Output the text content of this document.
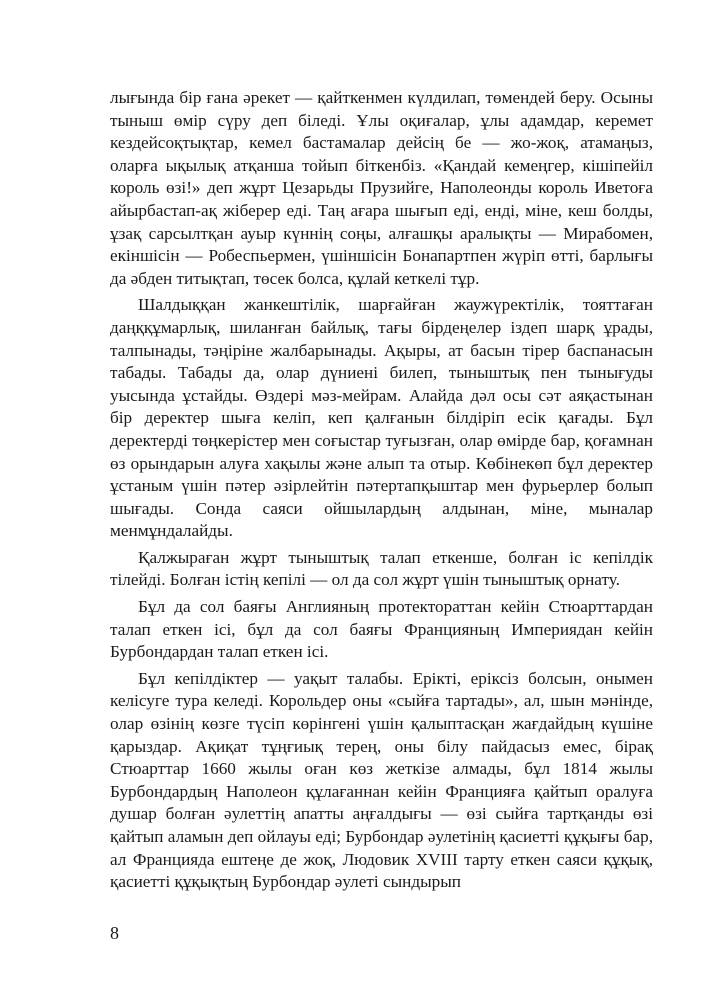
лығында бір ғана әрекет — қайткенмен күлдилап, төмендей беру. Осыны тыныш өмір сүру деп біледі. Ұлы оқиғалар, ұлы адамдар, керемет кездейсоқтықтар, кемел бастамалар дейсің бе — жо-жоқ, атамаңыз, оларға ықылық атқанша тойып біткенбіз. «Қандай кемеңгер, кішіпейіл король өзі!» деп жұрт Цезарьды Прузийге, Наполеонды король Иветоға айырбастап-ақ жіберер еді. Таң ағара шығып еді, енді, міне, кеш болды, ұзақ сарсылтқан ауыр күннің соңы, алғашқы аралықты — Мирабомен, екіншісін — Робеспьермен, үшіншісін Бонапартпен жүріп өтті, барлығы да әбден титықтап, төсек болса, құлай кеткелі тұр.

Шалдыққан жанкештілік, шарғайған жаужүректілік, тояттаған даңққұмарлық, шиланған байлық, тағы бірдеңелер іздеп шарқ ұрады, талпынады, тәңіріне жалбарынады. Ақыры, ат басын тірер баспанасын табады. Табады да, олар дүниені билеп, тыныштық пен тынығуды уысында ұстайды. Өздері мәз-мейрам. Алайда дәл осы сәт аяқастынан бір деректер шыға келіп, кеп қалғанын білдіріп есік қағады. Бұл деректерді төңкерістер мен соғыстар туғызған, олар өмірде бар, қоғамнан өз орындарын алуға хақылы және алып та отыр. Көбінекөп бұл деректер ұстаным үшін пәтер әзірлейтін пәтертапқыштар мен фурьерлер болып шығады. Сонда саяси ойшылардың алдынан, міне, мыналар менмұндалайды.

Қалжыраған жұрт тыныштық талап еткенше, болған іс кепілдік тілейді. Болған істің кепілі — ол да сол жұрт үшін тыныштық орнату.

Бұл да сол баяғы Англияның протектораттан кейін Стюарттардан талап еткен ісі, бұл да сол баяғы Францияның Империядан кейін Бурбондардан талап еткен ісі.

Бұл кепілдіктер — уақыт талабы. Ерікті, еріксіз болсын, онымен келісуге тура келеді. Корольдер оны «сыйға тартады», ал, шын мәнінде, олар өзінің көзге түсіп көрінгені үшін қалыптасқан жағдайдың күшіне қарыздар. Ақиқат тұңғиық терең, оны білу пайдасыз емес, бірақ Стюарттар 1660 жылы оған көз жеткізе алмады, бұл 1814 жылы Бурбондардың Наполеон құлағаннан кейін Францияға қайтып оралуға душар болған әулеттің апатты аңғалдығы — өзі сыйға тартқанды өзі қайтып аламын деп ойлауы еді; Бурбондар әулетінің қасиетті құқығы бар, ал Францияда ештеңе де жоқ, Людовик XVIII тарту еткен саяси құқық, қасиетті құқықтың Бурбондар әулеті сындырып

8
